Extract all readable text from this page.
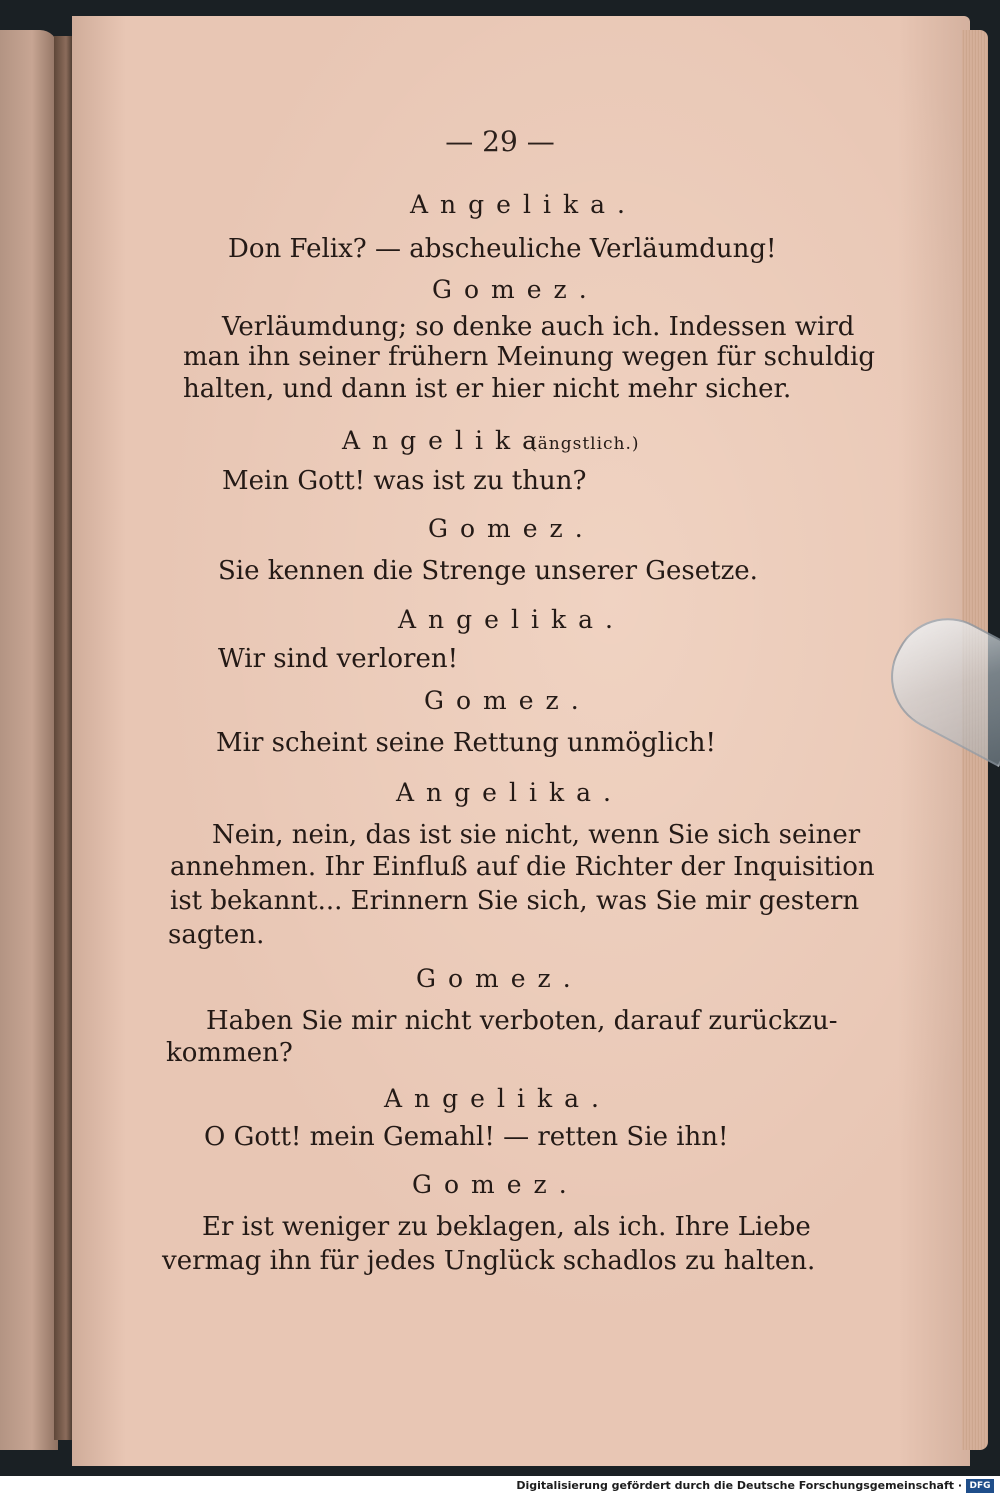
— 29 —
Angelika.
Don Felix? — abscheuliche Verläumdung!
Gomez.
Verläumdung; so denke auch ich. Indessen wird
man ihn seiner frühern Meinung wegen für schuldig
halten, und dann ist er hier nicht mehr sicher.
Angelika
(ängstlich.)
Mein Gott! was ist zu thun?
Gomez.
Sie kennen die Strenge unserer Gesetze.
Angelika.
Wir sind verloren!
Gomez.
Mir scheint seine Rettung unmöglich!
Angelika.
Nein, nein, das ist sie nicht, wenn Sie sich seiner
annehmen. Ihr Einfluß auf die Richter der Inquisition
ist bekannt... Erinnern Sie sich, was Sie mir gestern
sagten.
Gomez.
Haben Sie mir nicht verboten, darauf zurückzu-
kommen?
Angelika.
O Gott! mein Gemahl! — retten Sie ihn!
Gomez.
Er ist weniger zu beklagen, als ich. Ihre Liebe
vermag ihn für jedes Unglück schadlos zu halten.
Digitalisierung gefördert durch die Deutsche Forschungsgemeinschaft · DFG
